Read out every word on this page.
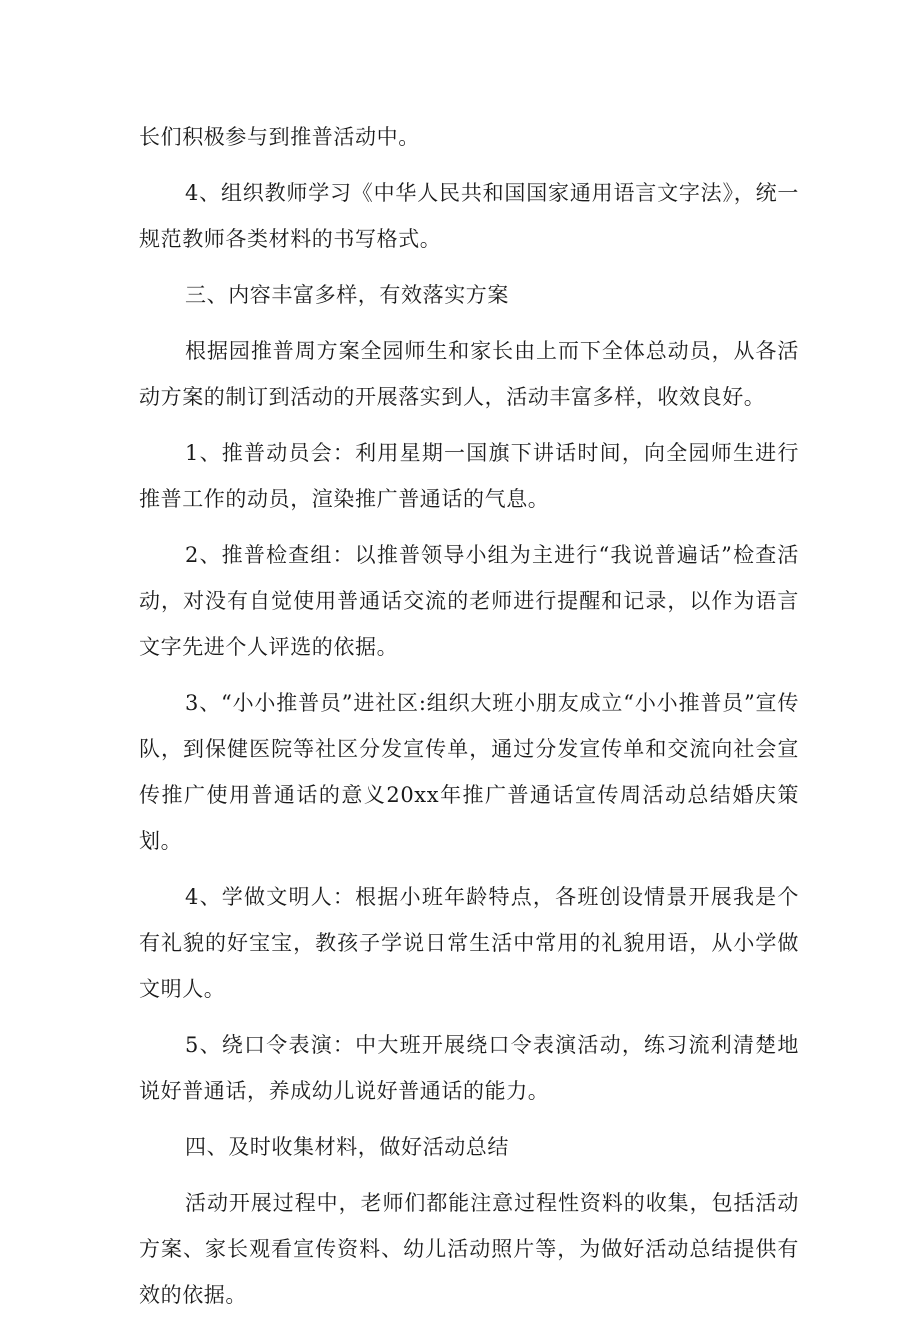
长们积极参与到推普活动中。

4、组织教师学习《中华人民共和国国家通用语言文字法》，统一规范教师各类材料的书写格式。

三、内容丰富多样，有效落实方案

根据园推普周方案全园师生和家长由上而下全体总动员，从各活动方案的制订到活动的开展落实到人，活动丰富多样，收效良好。

1、推普动员会：利用星期一国旗下讲话时间，向全园师生进行推普工作的动员，渲染推广普通话的气息。

2、推普检查组：以推普领导小组为主进行“我说普遍话”检查活动，对没有自觉使用普通话交流的老师进行提醒和记录，以作为语言文字先进个人评选的依据。

3、“小小推普员”进社区:组织大班小朋友成立“小小推普员”宣传队，到保健医院等社区分发宣传单，通过分发宣传单和交流向社会宣传推广使用普通话的意义20xx年推广普通话宣传周活动总结婚庆策划。

4、学做文明人：根据小班年龄特点，各班创设情景开展我是个有礼貌的好宝宝，教孩子学说日常生活中常用的礼貌用语，从小学做文明人。

5、绕口令表演：中大班开展绕口令表演活动，练习流利清楚地说好普通话，养成幼儿说好普通话的能力。

四、及时收集材料，做好活动总结

活动开展过程中，老师们都能注意过程性资料的收集，包括活动方案、家长观看宣传资料、幼儿活动照片等，为做好活动总结提供有效的依据。
